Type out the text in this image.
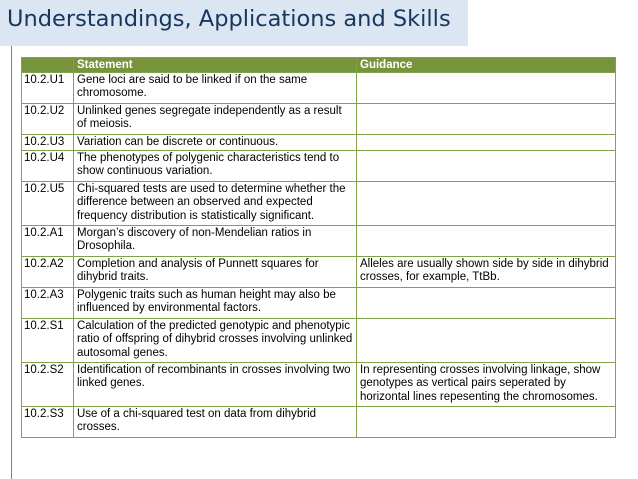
Understandings, Applications and Skills
	Statement	Guidance
10.2.U1	Gene loci are said to be linked if on the same chromosome.	
10.2.U2	Unlinked genes segregate independently as a result of meiosis.	
10.2.U3	Variation can be discrete or continuous.	
10.2.U4	The phenotypes of polygenic characteristics tend to show continuous variation.	
10.2.U5	Chi-squared tests are used to determine whether the difference between an observed and expected frequency distribution is statistically significant.	
10.2.A1	Morgan’s discovery of non-Mendelian ratios in Drosophila.	
10.2.A2	Completion and analysis of Punnett squares for dihybrid traits.	Alleles are usually shown side by side in dihybrid crosses, for example, TtBb.
10.2.A3	Polygenic traits such as human height may also be influenced by environmental factors.	
10.2.S1	Calculation of the predicted genotypic and phenotypic ratio of offspring of dihybrid crosses involving unlinked autosomal genes.	
10.2.S2	Identification of recombinants in crosses involving two linked genes.	In representing crosses involving linkage, show genotypes as vertical pairs seperated by horizontal lines repesenting the chromosomes.
10.2.S3	Use of a chi-squared test on data from dihybrid crosses.	
